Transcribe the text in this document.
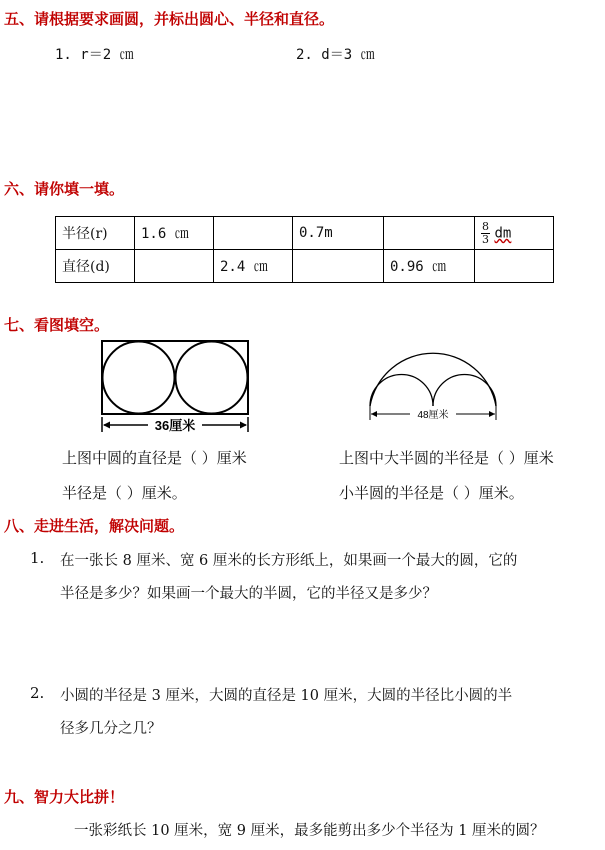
五、请根据要求画圆，并标出圆心、半径和直径。
1. r＝2 ㎝	2. d＝3 ㎝
六、请你填一填。
半径(r)	1.6 ㎝		0.7m		$\frac{8}{3}$ dm
直径(d)		2.4 ㎝		0.96 ㎝	
七、看图填空。
36厘米
48厘米
上图中圆的直径是（ ）厘米
半径是（ ）厘米。
上图中大半圆的半径是（ ）厘米
小半圆的半径是（ ）厘米。
八、走进生活，解决问题。
1. 在一张长 8 厘米、宽 6 厘米的长方形纸上，如果画一个最大的圆，它的
半径是多少？如果画一个最大的半圆，它的半径又是多少？
2. 小圆的半径是 3 厘米，大圆的直径是 10 厘米，大圆的半径比小圆的半
径多几分之几？
九、智力大比拼！
一张彩纸长 10 厘米，宽 9 厘米，最多能剪出多少个半径为 1 厘米的圆？
